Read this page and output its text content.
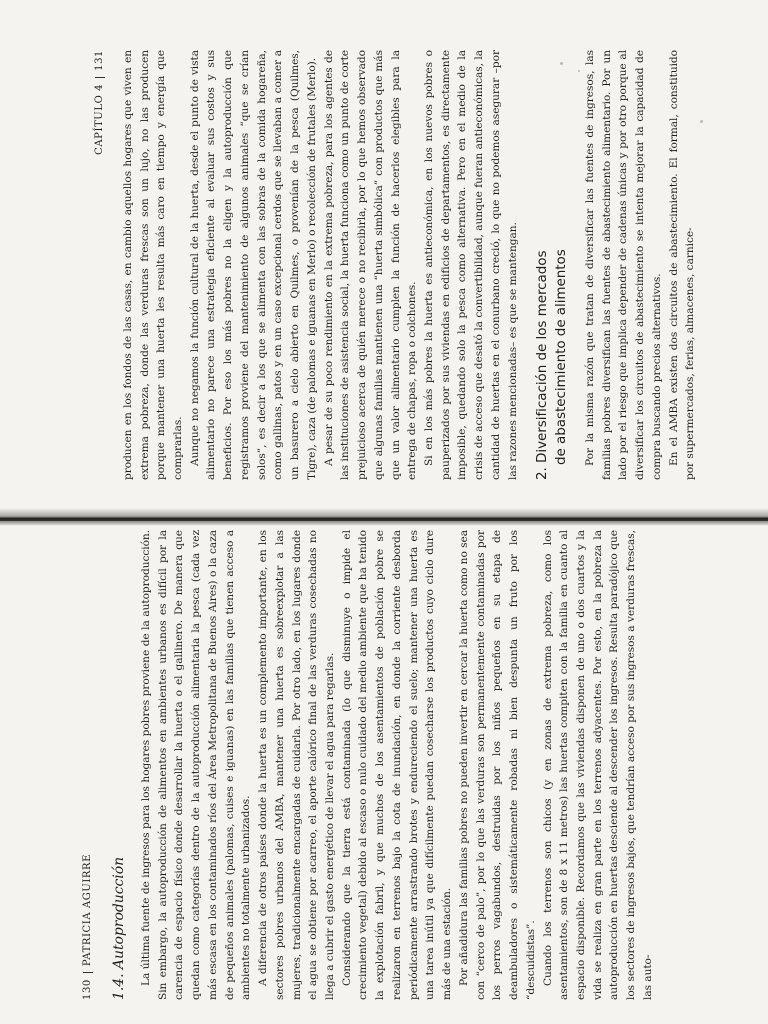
130
PATRICIA AGUIRRE 1.4. Autoproducción La última fuente de ingresos para los hogares pobres proviene de la autoproducción. Sin embargo, la autoproducción de alimentos en ambientes urbanos es difícil por la carencia de espacio físico donde desarrollar la huerta o el gallinero. De manera que quedan como categorías dentro de la autoproducción alimentaria la pesca (cada vez más escasa en los contaminados ríos del Área Metropolitana de Buenos Aires) o la caza de pequeños animales (palomas, cuises e iguanas) en las familias que tienen acceso a ambientes no totalmente urbanizados. A diferencia de otros países donde la huerta es un complemento importante, en los sectores pobres urbanos del AMBA, mantener una huerta es sobreexplotar a las mujeres, tradicionalmente encargadas de cuidarla. Por otro lado, en los lugares donde el agua se obtiene por acarreo, el aporte calórico final de las verduras cosechadas no llega a cubrir el gasto energético de llevar el agua para regarlas. Considerando que la tierra está contaminada (lo que disminuye o impide el crecimiento vegetal) debido al escaso o nulo cuidado del medio ambiente que ha tenido la explotación fabril, y que muchos de los asentamientos de población pobre se realizaron en terrenos bajo la cota de inundación, en donde la corriente desborda periódicamente arrastrando brotes y endureciendo el suelo; mantener una huerta es una tarea inútil ya que difícilmente puedan cosecharse los productos cuyo ciclo dure más de una estación. Por añadidura las familias pobres no pueden invertir en cercar la huerta como no sea con “cerco de palo”, por lo que las verduras son permanentemente contaminadas por los perros vagabundos, destruidas por los niños pequeños en su etapa de deambuladores o sistemáticamente robadas ni bien despunta un fruto por los “descuidistas”. Cuando los terrenos son chicos (y en zonas de extrema pobreza, como los asentamientos, son de 8 x 11 metros) las huertas compiten con la familia en cuanto al espacio disponible. Recordamos que las viviendas disponen de uno o dos cuartos y la vida se realiza en gran parte en los terrenos adyacentes. Por esto, en la pobreza la autoproducción en huertas desciende al descender los ingresos. Resulta paradójico que los sectores de ingresos bajos, que tendrían acceso por sus ingresos a verduras frescas, las auto-

CAPÍTULO 4
131 producen en los fondos de las casas, en cambio aquellos hogares que viven en extrema pobreza, donde las verduras frescas son un lujo, no las producen porque mantener una huerta les resulta más caro en tiempo y energía que comprarlas. Aunque no negamos la función cultural de la huerta, desde el punto de vista alimentario no parece una estrategia eficiente al evaluar sus costos y sus beneficios. Por eso los más pobres no la eligen y la autoproducción que registramos proviene del mantenimiento de algunos animales “que se crían solos”, es decir a los que se alimenta con las sobras de la comida hogareña, como gallinas, patos y en un caso excepcional cerdos que se llevaban a comer a un basurero a cielo abierto en Quilmes, o provenían de la pesca (Quilmes, Tigre), caza (de palomas e iguanas en Merlo) o recolección de frutales (Merlo). A pesar de su poco rendimiento en la extrema pobreza, para los agentes de las instituciones de asistencia social, la huerta funciona como un punto de corte prejuicioso acerca de quién merece o no recibirla, por lo que hemos observado que algunas familias mantienen una “huerta simbólica” con productos que más que un valor alimentario cumplen la función de hacerlos elegibles para la entrega de chapas, ropa o colchones. Si en los más pobres la huerta es antieconómica, en los nuevos pobres o pauperizados por sus viviendas en edificios de departamentos, es directamente imposible, quedando solo la pesca como alternativa. Pero en el medio de la crisis de acceso que desató la convertibilidad, aunque fueran antieconómicas, la cantidad de huertas en el conurbano creció, lo que no podemos asegurar –por las razones mencionadas– es que se mantengan. 2. Diversificación de los mercados de abastecimiento de alimentos Por la misma razón que tratan de diversificar las fuentes de ingresos, las familias pobres diversifican las fuentes de abastecimiento alimentario. Por un lado por el riesgo que implica depender de cadenas únicas y por otro porque al diversificar los circuitos de abastecimiento se intenta mejorar la capacidad de compra buscando precios alternativos. En el AMBA existen dos circuitos de abastecimiento. El formal, constituido por supermercados, ferias, almacenes, carnice-
